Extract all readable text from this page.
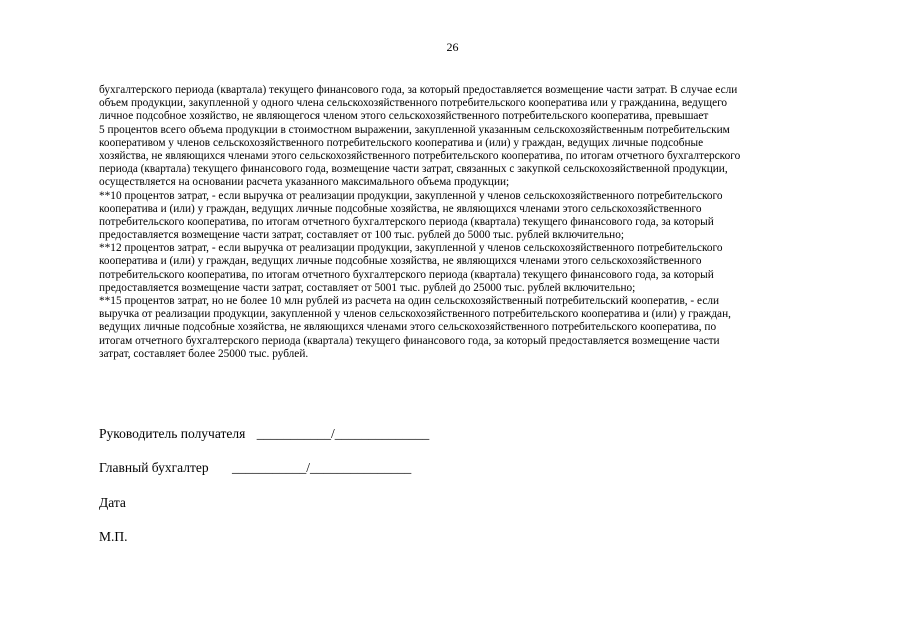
26
бухгалтерского периода (квартала) текущего финансового года, за который предоставляется возмещение части затрат. В случае если
объем продукции, закупленной у одного члена сельскохозяйственного потребительского кооператива или у гражданина, ведущего
личное подсобное хозяйство, не являющегося членом этого сельскохозяйственного потребительского кооператива, превышает
5 процентов всего объема продукции в стоимостном выражении, закупленной указанным сельскохозяйственным потребительским
кооперативом у членов сельскохозяйственного потребительского кооператива и (или) у граждан, ведущих личные подсобные
хозяйства, не являющихся членами этого сельскохозяйственного потребительского кооператива, по итогам отчетного бухгалтерского
периода (квартала) текущего финансового года, возмещение части затрат, связанных с закупкой сельскохозяйственной продукции,
осуществляется на основании расчета указанного максимального объема продукции;
**10 процентов затрат, - если выручка от реализации продукции, закупленной у членов сельскохозяйственного потребительского
кооператива и (или) у граждан, ведущих личные подсобные хозяйства, не являющихся членами этого сельскохозяйственного
потребительского кооператива, по итогам отчетного бухгалтерского периода (квартала) текущего финансового года, за который
предоставляется возмещение части затрат, составляет от 100 тыс. рублей до 5000 тыс. рублей включительно;
**12 процентов затрат, - если выручка от реализации продукции, закупленной у членов сельскохозяйственного потребительского
кооператива и (или) у граждан, ведущих личные подсобные хозяйства, не являющихся членами этого сельскохозяйственного
потребительского кооператива, по итогам отчетного бухгалтерского периода (квартала) текущего финансового года, за который
предоставляется возмещение части затрат, составляет от 5001 тыс. рублей до 25000 тыс. рублей включительно;
**15 процентов затрат, но не более 10 млн рублей из расчета на один сельскохозяйственный потребительский кооператив, - если
выручка от реализации продукции, закупленной у членов сельскохозяйственного потребительского кооператива и (или) у граждан,
ведущих личные подсобные хозяйства, не являющихся членами этого сельскохозяйственного потребительского кооператива, по
итогам отчетного бухгалтерского периода (квартала) текущего финансового года, за который предоставляется возмещение части
затрат, составляет более 25000 тыс. рублей.
Руководитель получателя ___________/______________
Главный бухгалтер ___________/_______________
Дата
М.П.
